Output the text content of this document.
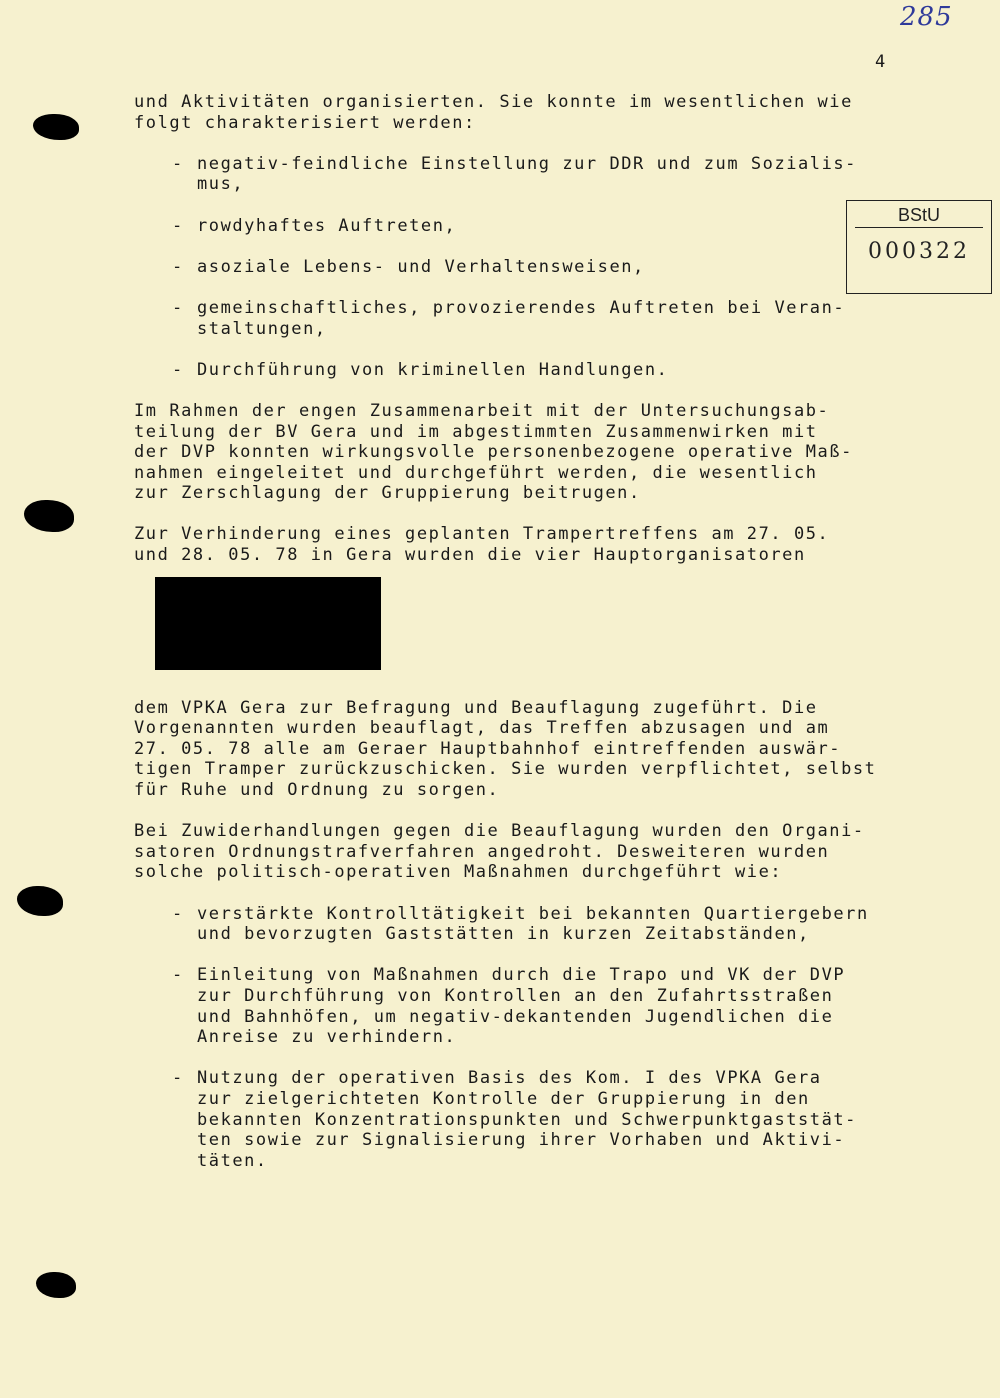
285
4
BStU
000322

und Aktivitäten organisierten. Sie konnte im wesentlichen wie
folgt charakterisiert werden:

- negativ-feindliche Einstellung zur DDR und zum Sozialis-
mus,
- rowdyhaftes Auftreten,
- asoziale Lebens- und Verhaltensweisen,
- gemeinschaftliches, provozierendes Auftreten bei Veran-
staltungen,
- Durchführung von kriminellen Handlungen.

Im Rahmen der engen Zusammenarbeit mit der Untersuchungsab-
teilung der BV Gera und im abgestimmten Zusammenwirken mit
der DVP konnten wirkungsvolle personenbezogene operative Maß-
nahmen eingeleitet und durchgeführt werden, die wesentlich
zur Zerschlagung der Gruppierung beitrugen.

Zur Verhinderung eines geplanten Trampertreffens am 27. 05.
und 28. 05. 78 in Gera wurden die vier Hauptorganisatoren

dem VPKA Gera zur Befragung und Beauflagung zugeführt. Die
Vorgenannten wurden beauflagt, das Treffen abzusagen und am
27. 05. 78 alle am Geraer Hauptbahnhof eintreffenden auswär-
tigen Tramper zurückzuschicken. Sie wurden verpflichtet, selbst
für Ruhe und Ordnung zu sorgen.

Bei Zuwiderhandlungen gegen die Beauflagung wurden den Organi-
satoren Ordnungstrafverfahren angedroht. Desweiteren wurden
solche politisch-operativen Maßnahmen durchgeführt wie:

- verstärkte Kontrolltätigkeit bei bekannten Quartiergebern
und bevorzugten Gaststätten in kurzen Zeitabständen,
- Einleitung von Maßnahmen durch die Trapo und VK der DVP
zur Durchführung von Kontrollen an den Zufahrtsstraßen
und Bahnhöfen, um negativ-dekantenden Jugendlichen die
Anreise zu verhindern.
- Nutzung der operativen Basis des Kom. I des VPKA Gera
zur zielgerichteten Kontrolle der Gruppierung in den
bekannten Konzentrationspunkten und Schwerpunktgaststät-
ten sowie zur Signalisierung ihrer Vorhaben und Aktivi-
täten.
